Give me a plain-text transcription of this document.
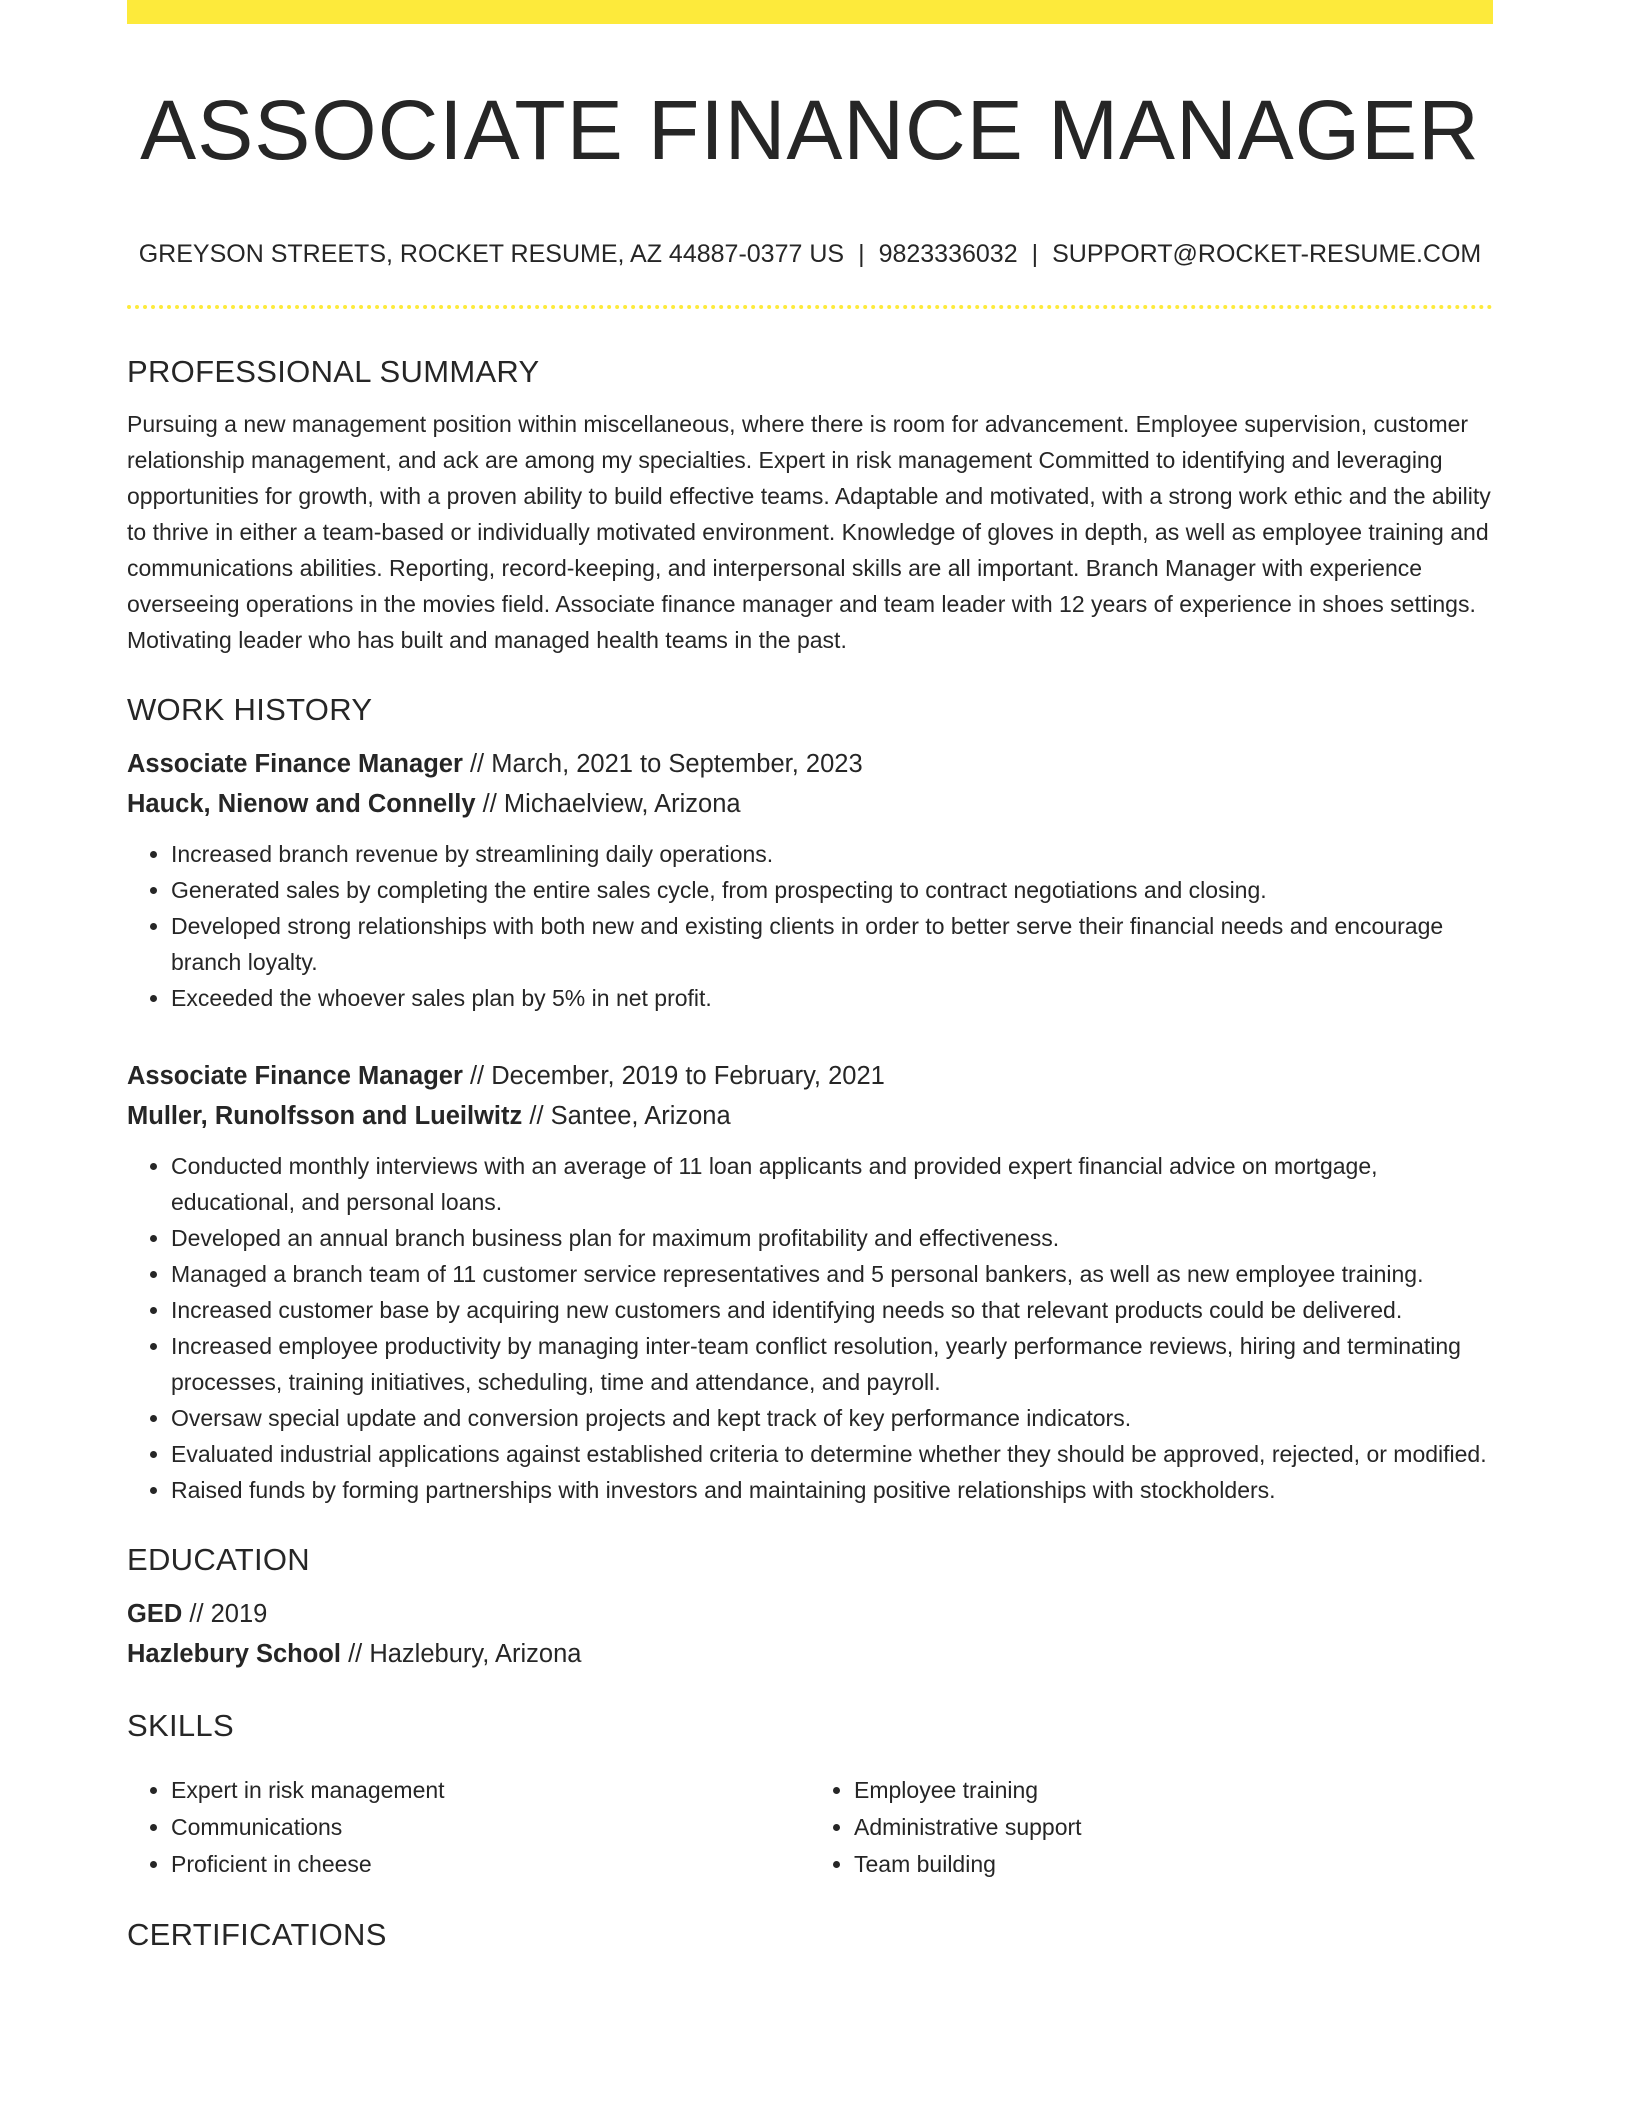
ASSOCIATE FINANCE MANAGER
GREYSON STREETS, ROCKET RESUME, AZ 44887-0377 US | 9823336032 | SUPPORT@ROCKET-RESUME.COM
PROFESSIONAL SUMMARY

Pursuing a new management position within miscellaneous, where there is room for advancement. Employee supervision, customer relationship management, and ack are among my specialties. Expert in risk management Committed to identifying and leveraging opportunities for growth, with a proven ability to build effective teams. Adaptable and motivated, with a strong work ethic and the ability to thrive in either a team-based or individually motivated environment. Knowledge of gloves in depth, as well as employee training and communications abilities. Reporting, record-keeping, and interpersonal skills are all important. Branch Manager with experience overseeing operations in the movies field. Associate finance manager and team leader with 12 years of experience in shoes settings. Motivating leader who has built and managed health teams in the past.

WORK HISTORY

Associate Finance Manager // March, 2021 to September, 2023

Hauck, Nienow and Connelly // Michaelview, Arizona

• Increased branch revenue by streamlining daily operations.
• Generated sales by completing the entire sales cycle, from prospecting to contract negotiations and closing.
• Developed strong relationships with both new and existing clients in order to better serve their financial needs and encourage branch loyalty.
• Exceeded the whoever sales plan by 5% in net profit.

Associate Finance Manager // December, 2019 to February, 2021

Muller, Runolfsson and Lueilwitz // Santee, Arizona

• Conducted monthly interviews with an average of 11 loan applicants and provided expert financial advice on mortgage, educational, and personal loans.
• Developed an annual branch business plan for maximum profitability and effectiveness.
• Managed a branch team of 11 customer service representatives and 5 personal bankers, as well as new employee training.
• Increased customer base by acquiring new customers and identifying needs so that relevant products could be delivered.
• Increased employee productivity by managing inter-team conflict resolution, yearly performance reviews, hiring and terminating processes, training initiatives, scheduling, time and attendance, and payroll.
• Oversaw special update and conversion projects and kept track of key performance indicators.
• Evaluated industrial applications against established criteria to determine whether they should be approved, rejected, or modified.
• Raised funds by forming partnerships with investors and maintaining positive relationships with stockholders.
EDUCATION

GED // 2019

Hazlebury School // Hazlebury, Arizona

SKILLS
• Expert in risk management
• Communications
• Proficient in cheese
• Employee training
• Administrative support
• Team building
CERTIFICATIONS
